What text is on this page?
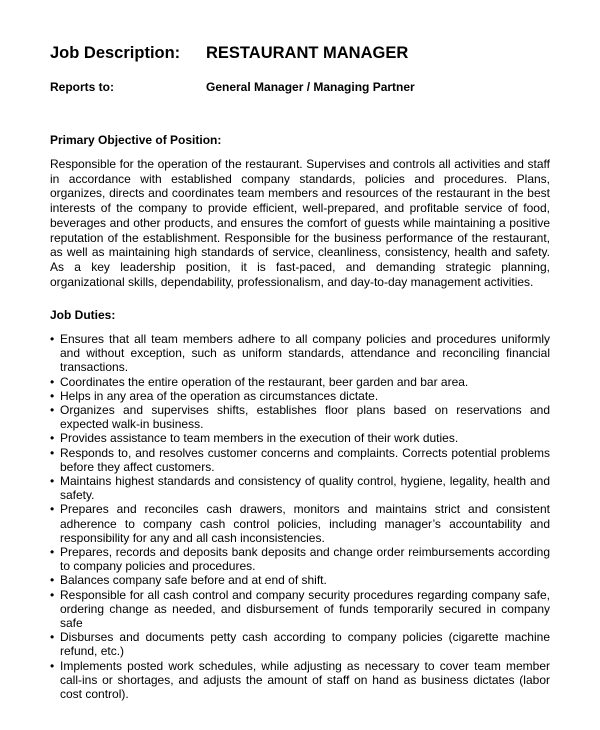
Job Description: RESTAURANT MANAGER
Reports to:	General Manager / Managing Partner
Primary Objective of Position:
Responsible for the operation of the restaurant. Supervises and controls all activities and staff in accordance with established company standards, policies and procedures. Plans, organizes, directs and coordinates team members and resources of the restaurant in the best interests of the company to provide efficient, well-prepared, and profitable service of food, beverages and other products, and ensures the comfort of guests while maintaining a positive reputation of the establishment. Responsible for the business performance of the restaurant, as well as maintaining high standards of service, cleanliness, consistency, health and safety. As a key leadership position, it is fast-paced, and demanding strategic planning, organizational skills, dependability, professionalism, and day-to-day management activities.
Job Duties:
• Ensures that all team members adhere to all company policies and procedures uniformly and without exception, such as uniform standards, attendance and reconciling financial transactions.
• Coordinates the entire operation of the restaurant, beer garden and bar area.
• Helps in any area of the operation as circumstances dictate.
• Organizes and supervises shifts, establishes floor plans based on reservations and expected walk-in business.
• Provides assistance to team members in the execution of their work duties.
• Responds to, and resolves customer concerns and complaints. Corrects potential problems before they affect customers.
• Maintains highest standards and consistency of quality control, hygiene, legality, health and safety.
• Prepares and reconciles cash drawers, monitors and maintains strict and consistent adherence to company cash control policies, including manager’s accountability and responsibility for any and all cash inconsistencies.
• Prepares, records and deposits bank deposits and change order reimbursements according to company policies and procedures.
• Balances company safe before and at end of shift.
• Responsible for all cash control and company security procedures regarding company safe, ordering change as needed, and disbursement of funds temporarily secured in company safe
• Disburses and documents petty cash according to company policies (cigarette machine refund, etc.)
• Implements posted work schedules, while adjusting as necessary to cover team member call-ins or shortages, and adjusts the amount of staff on hand as business dictates (labor cost control).
